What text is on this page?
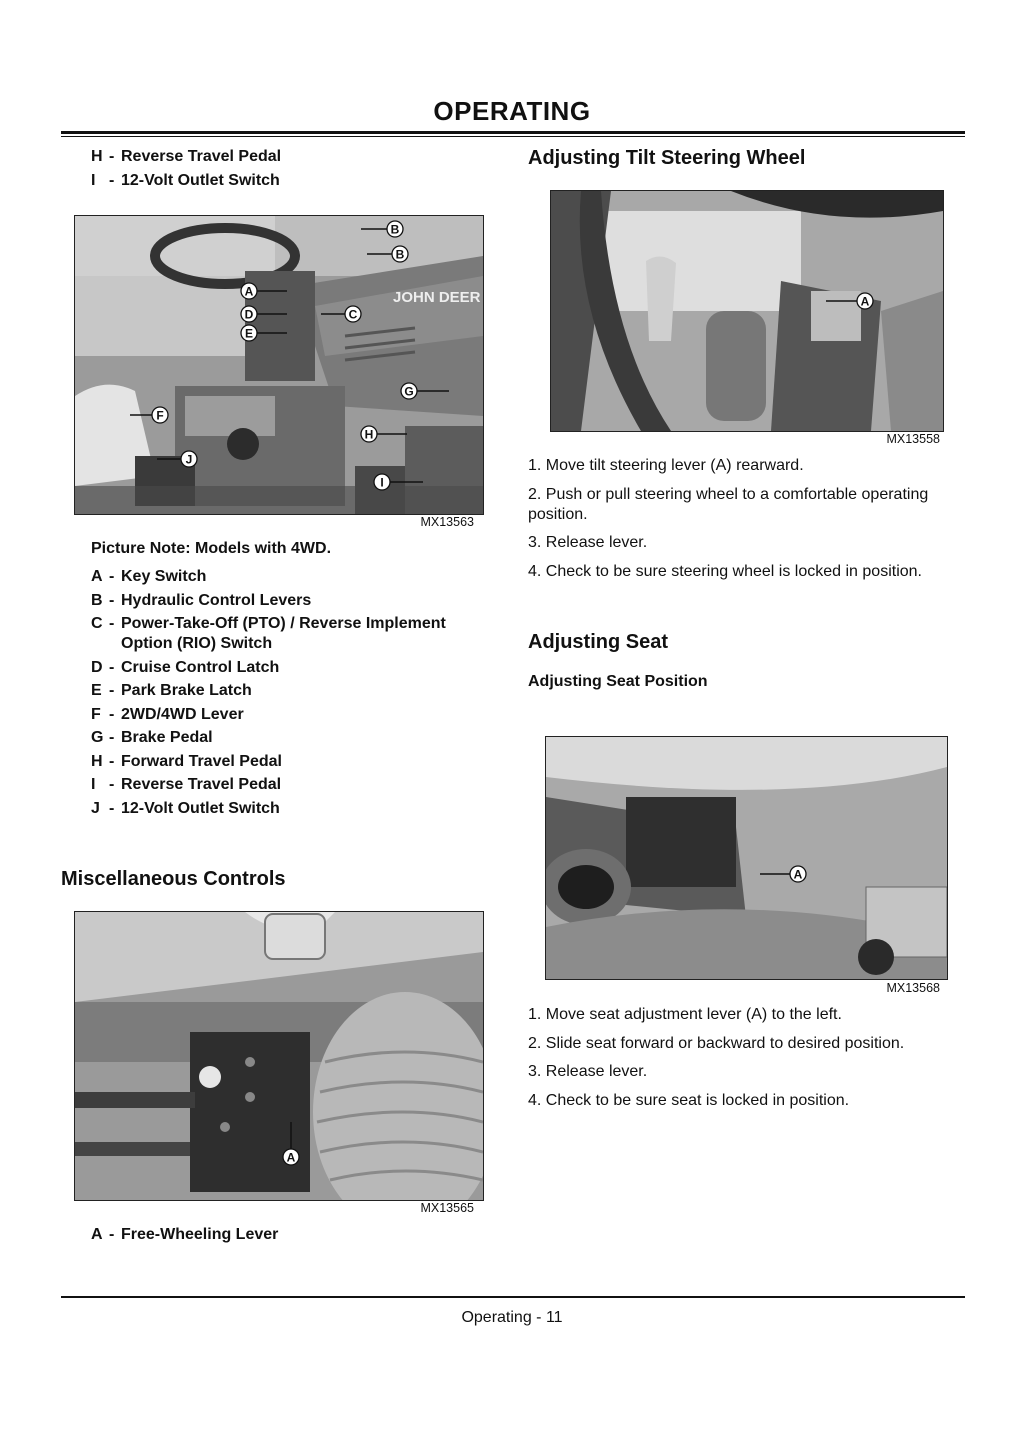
OPERATING
H - Reverse Travel Pedal
I - 12-Volt Outlet Switch
JOHN DEER
B
B
A
D	C
E
G
F
H
J
I
MX13563
Picture Note: Models with 4WD.
A - Key Switch
B - Hydraulic Control Levers
C - Power-Take-Off (PTO) / Reverse Implement Option (RIO) Switch
D - Cruise Control Latch
E - Park Brake Latch
F - 2WD/4WD Lever
G - Brake Pedal
H - Forward Travel Pedal
I - Reverse Travel Pedal
J - 12-Volt Outlet Switch
Miscellaneous Controls
A
MX13565
A - Free-Wheeling Lever
Adjusting Tilt Steering Wheel
A
MX13558
1. Move tilt steering lever (A) rearward.
2. Push or pull steering wheel to a comfortable operating position.
3. Release lever.
4. Check to be sure steering wheel is locked in position.
Adjusting Seat
Adjusting Seat Position
A
MX13568
1. Move seat adjustment lever (A) to the left.
2. Slide seat forward or backward to desired position.
3. Release lever.
4. Check to be sure seat is locked in position.
Operating - 11
